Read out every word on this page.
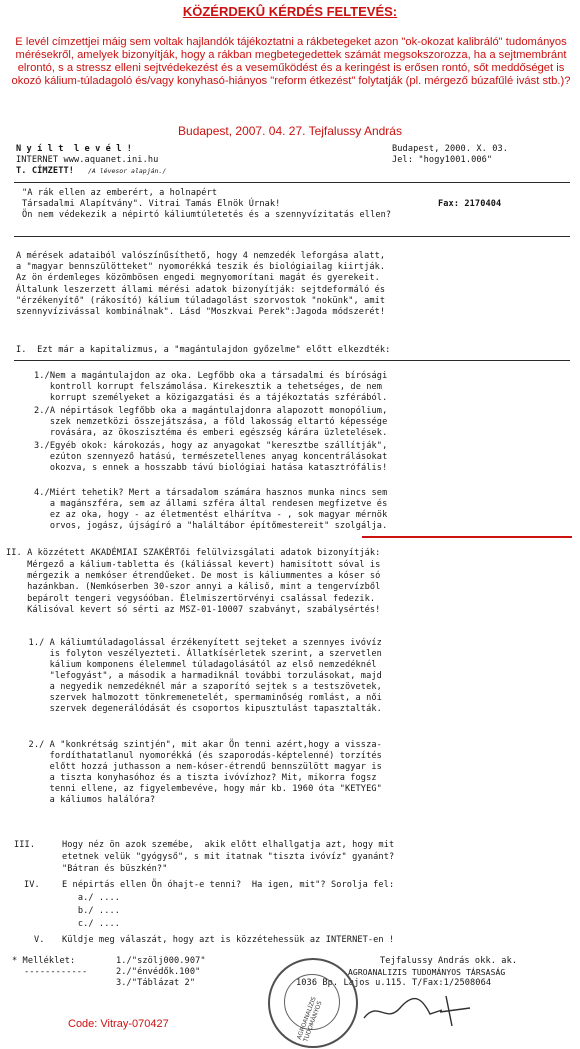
KÖZÉRDEKÛ KÉRDÉS FELTEVÉS:
E levél címzettjei máig sem voltak hajlandók tájékoztatni a rákbetegeket azon "ok-okozat kalibráló" tudományos mérésekről, amelyek bizonyítják, hogy a rákban megbetegedettek számát megsokszorozza, ha a sejtmembránt elrontó, s a stressz elleni sejtvédekezést és a veseműködést és a keringést is erősen rontó, sőt meddőséget is okozó kálium-túladagoló és/vagy konyhasó-hiányos "reform étkezést" folytatják (pl. mérgező búzafűlé ivást stb.)?
Budapest, 2007. 04. 27. Tejfalussy András
N y í l t  l e v é l !	Budapest, 2000. X. 03.
INTERNET www.aquanet.ini.hu	Jel: "hogy1001.006"
T. CÍMZETT! /A lévesor alapján./
"A rák ellen az emberért, a holnapért
Társadalmi Alapítvány". Vitrai Tamás Elnök Úrnak!	Fax: 2170404
Ön nem védekezik a népirtó káliumtúletetés és a szennyvízitatás ellen?
A mérések adataiból valószínűsíthető, hogy 4 nemzedék leforgása alatt,
a "magyar bennszülötteket" nyomorékká teszik és biológiailag kiirtják.
Az ön érdemleges közömbösen engedi megnyomorítani magát és gyerekeit.
Általunk leszerzett állami mérési adatok bizonyítják: sejtdeformáló és
"érzékenyítő" (rákosító) kálium túladagolást szorvostok "nokünk", amit
szennyvízivással kombinálnak". Lásd "Moszkvai Perek":Jagoda módszerét!
I.  Ezt már a kapitalizmus, a "magántulajdon győzelme" előtt elkezdték:
1./Nem a magántulajdon az oka. Legfőbb oka a társadalmi és bírósági
kontroll korrupt felszámolása. Kirekesztik a tehetséges, de nem
korrupt személyeket a közigazgatási és a tájékoztatás szférából.
2./A népirtások legfőbb oka a magántulajdonra alapozott monopólium,
szek nemzetközi összejátszása, a föld lakosság eltartó képessége
rovására, az ökoszisztéma és emberi egészség kárára üzletelések.
3./Egyéb okok: károkozás, hogy az anyagokat "keresztbe szállítják",
ezúton szennyező hatású, természetellenes anyag koncentrálásokat
okozva, s ennek a hosszabb távú biológiai hatása katasztrófális!
4./Miért tehetik? Mert a társadalom számára hasznos munka nincs sem
a magánszféra, sem az állami szféra által rendesen megfizetve és
ez az oka, hogy - az életmentést elhárítva - , sok magyar mérnök
orvos, jogász, újságíró a "haláltábor építőmestereit" szolgálja.
II. A közzétett AKADÉMIAI SZAKÉRTői felülvizsgálati adatok bizonyítják:
Mérgező a kálium-tabletta és (káliással kevert) hamisított sóval is
mérgezik a nemkóser étrendűeket. De most is káliummentes a kóser só
hazánkban. (Nemkóserben 30-szor annyi a káliső, mint a tengervízből
bepárolt tengeri vegysóóban. Élelmiszertörvényi csalással fedezik.
Kálisóval kevert só sérti az MSZ-01-10007 szabványt, szabálysértés!
1./ A káliumtúladagolással érzékenyített sejteket a szennyes ivóvíz
is folyton veszélyezteti. Állatkísérletek szerint, a szervetlen
kálium komponens élelemmel túladagolásától az első nemzedéknél
"lefogyást", a második a harmadiknál további torzulásokat, majd
a negyedik nemzedéknél már a szaporító sejtek s a testszövetek,
szervek halmozott tönkremenetelét, spermaminőség romlást, a női
szervek degenerálódását és csoportos kipusztulást tapasztalták.
2./ A "konkrétság szintjén", mit akar Ön tenni azért,hogy a vissza-
fordíthatatlanul nyomorékká (és szaporodás-képtelenné) torzítés
előtt hozzá juthasson a nem-kóser-étrendű bennszülött magyar is
a tiszta konyhasóhoz és a tiszta ivóvízhoz? Mit, mikorra fogsz
tenni ellene, az figyelembevéve, hogy már kb. 1960 óta "KETYEG"
a káliumos halálóra?
III.	Hogy néz ön azok szemébe,  akik előtt elhallgatja azt, hogy mit
etetnek velük "gyógyső", s mit itatnak "tiszta ivóvíz" gyanánt?
"Bátran és büszkén?"
IV.	E népirtás ellen Ön óhajt-e tenni?  Ha igen, mit"? Sorolja fel:
a./ ....
b./ ....
c./ ....
V. Küldje meg válaszát, hogy azt is közzétehessük az INTERNET-en !
* Melléklet:
------------
1./"szölj000.907"
2./"énvédők.100"
3./"Táblázat 2"
Tejfalussy András okk. ak.
AGROANALIZIS TUDOMÁNYOS TÁRSASÁG
1036 Bp. Lajos u.115. T/Fax:1/2508064
AGROANALÍZIS TUDOMÁNYOS
Code: Vitray-070427
